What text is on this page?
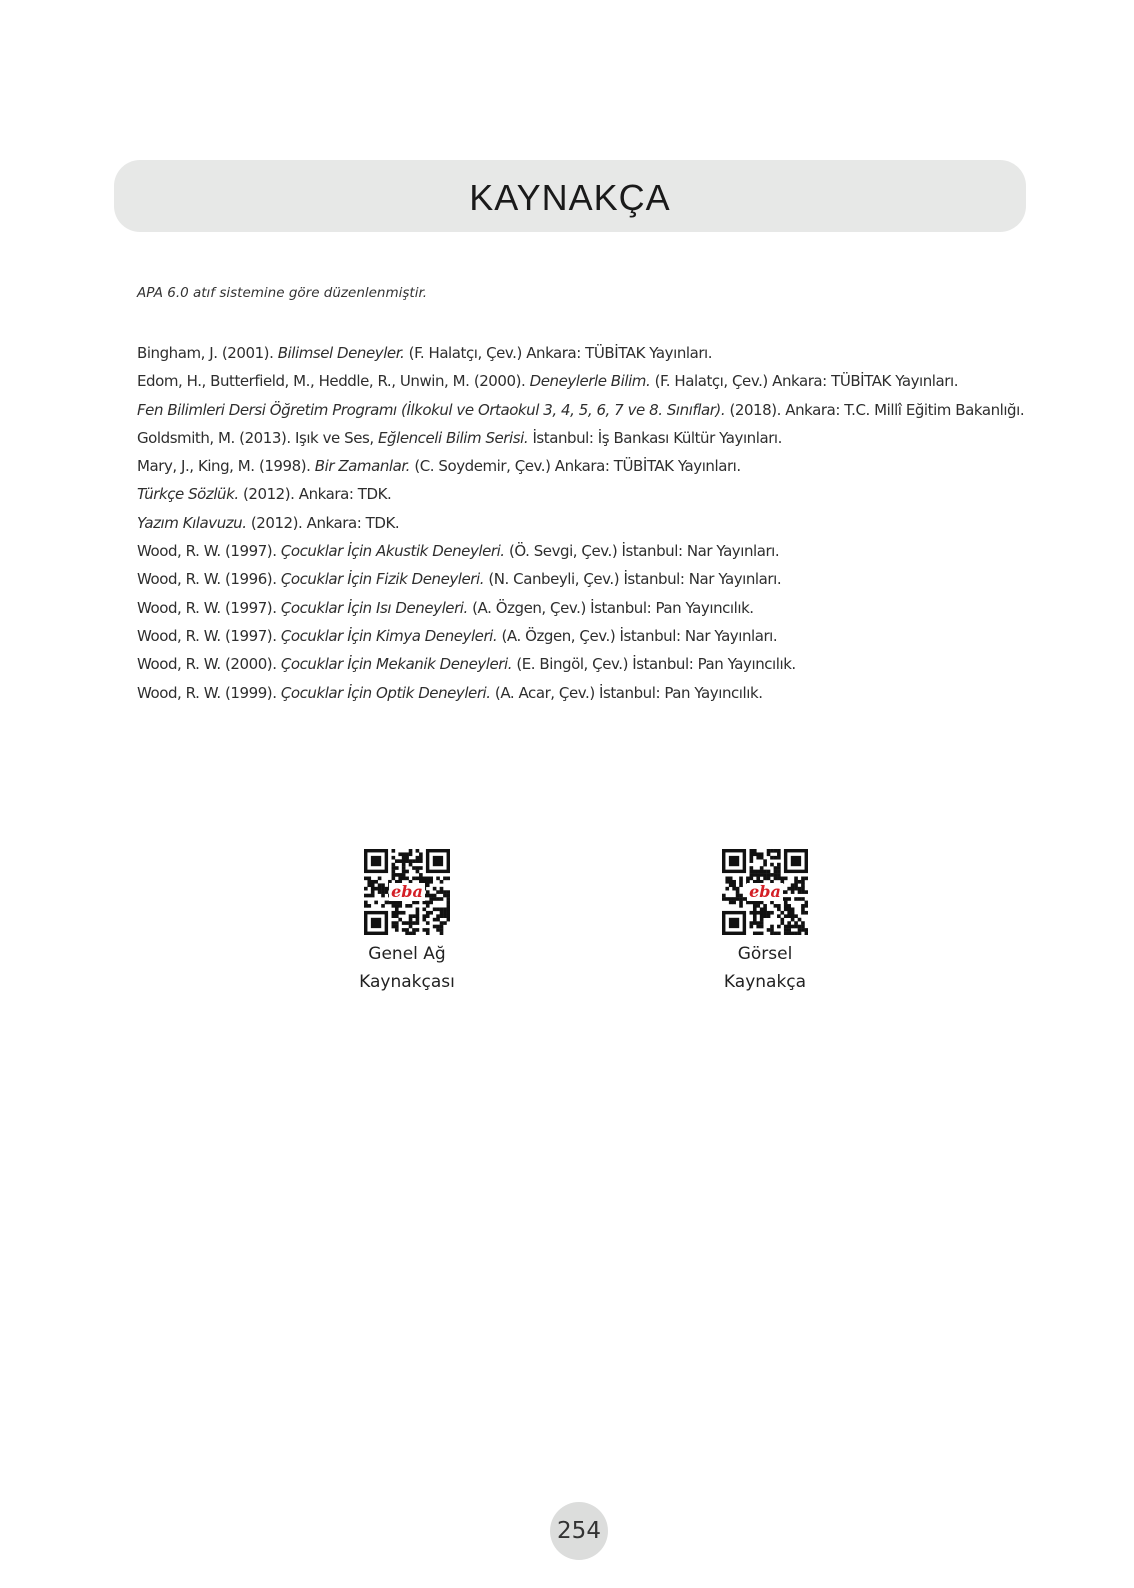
KAYNAKÇA
APA 6.0 atıf sistemine göre düzenlenmiştir.
Bingham, J. (2001). Bilimsel Deneyler. (F. Halatçı, Çev.) Ankara: TÜBİTAK Yayınları.
Edom, H., Butterfield, M., Heddle, R., Unwin, M. (2000). Deneylerle Bilim. (F. Halatçı, Çev.) Ankara: TÜBİTAK Yayınları.
Fen Bilimleri Dersi Öğretim Programı (İlkokul ve Ortaokul 3, 4, 5, 6, 7 ve 8. Sınıflar). (2018). Ankara: T.C. Millî Eğitim Bakanlığı.
Goldsmith, M. (2013). Işık ve Ses, Eğlenceli Bilim Serisi. İstanbul: İş Bankası Kültür Yayınları.
Mary, J., King, M. (1998). Bir Zamanlar. (C. Soydemir, Çev.) Ankara: TÜBİTAK Yayınları.
Türkçe Sözlük. (2012). Ankara: TDK.
Yazım Kılavuzu. (2012). Ankara: TDK.
Wood, R. W. (1997). Çocuklar İçin Akustik Deneyleri. (Ö. Sevgi, Çev.) İstanbul: Nar Yayınları.
Wood, R. W. (1996). Çocuklar İçin Fizik Deneyleri. (N. Canbeyli, Çev.) İstanbul: Nar Yayınları.
Wood, R. W. (1997). Çocuklar İçin Isı Deneyleri. (A. Özgen, Çev.) İstanbul: Pan Yayıncılık.
Wood, R. W. (1997). Çocuklar İçin Kimya Deneyleri. (A. Özgen, Çev.) İstanbul: Nar Yayınları.
Wood, R. W. (2000). Çocuklar İçin Mekanik Deneyleri. (E. Bingöl, Çev.) İstanbul: Pan Yayıncılık.
Wood, R. W. (1999). Çocuklar İçin Optik Deneyleri. (A. Acar, Çev.) İstanbul: Pan Yayıncılık.
eba
Genel Ağ
Kaynakçası
eba
Görsel
Kaynakça
254
